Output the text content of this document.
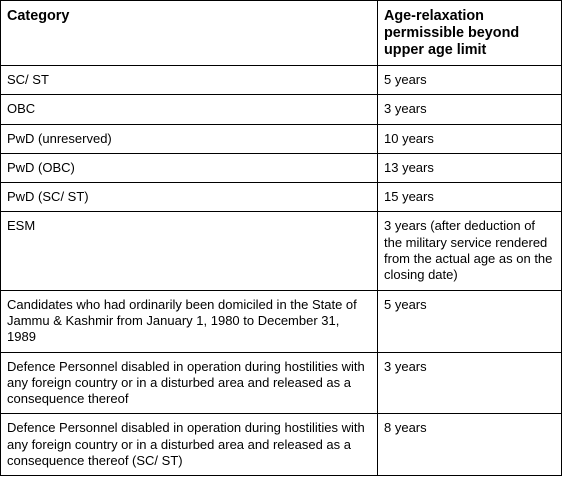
Category	Age-relaxation permissible beyond upper age limit
SC/ ST	5 years
OBC	3 years
PwD (unreserved)	10 years
PwD (OBC)	13 years
PwD (SC/ ST)	15 years
ESM	3 years (after deduction of the military service rendered from the actual age as on the closing date)
Candidates who had ordinarily been domiciled in the State of Jammu & Kashmir from January 1, 1980 to December 31, 1989	5 years
Defence Personnel disabled in operation during hostilities with any foreign country or in a disturbed area and released as a consequence thereof	3 years
Defence Personnel disabled in operation during hostilities with any foreign country or in a disturbed area and released as a consequence thereof (SC/ ST)	8 years
